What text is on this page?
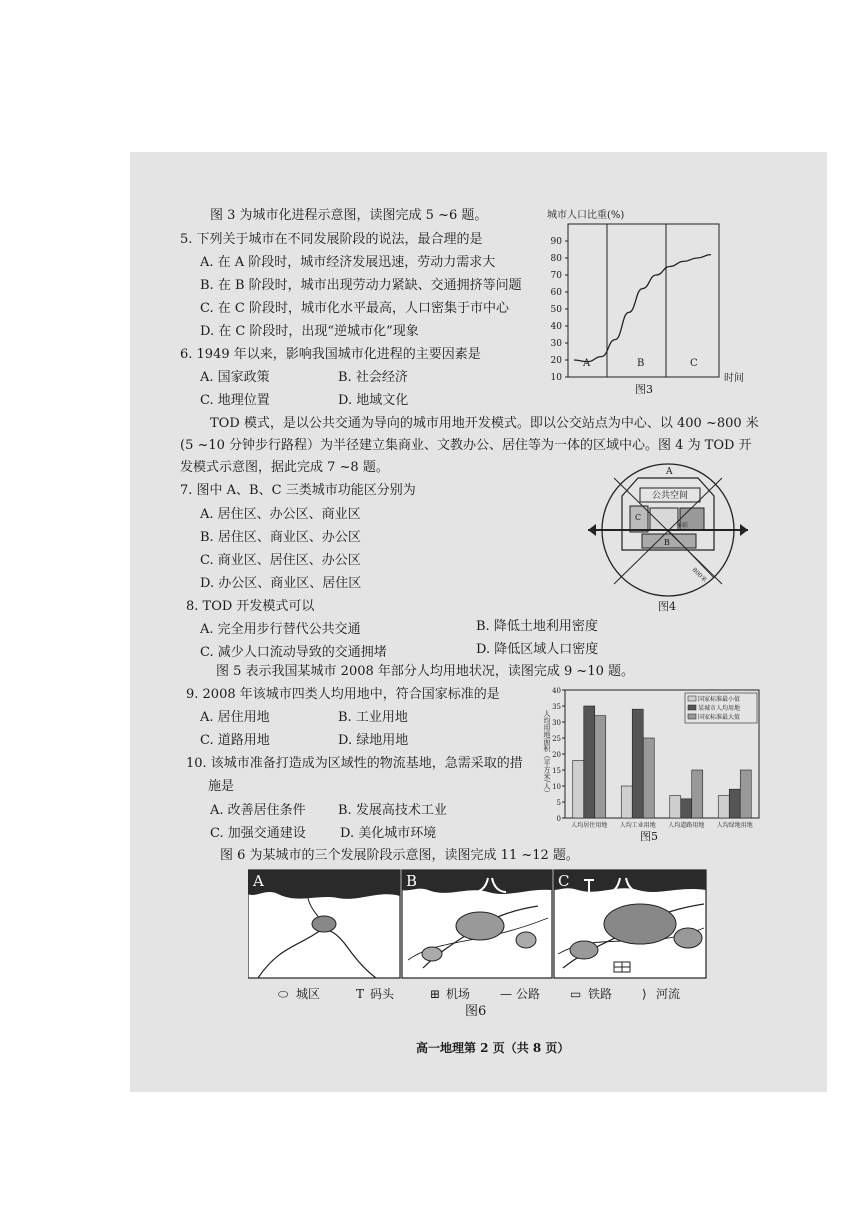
图 3 为城市化进程示意图，读图完成 5 ~6 题。
5. 下列关于城市在不同发展阶段的说法，最合理的是
A. 在 A 阶段时，城市经济发展迅速，劳动力需求大
B. 在 B 阶段时，城市出现劳动力紧缺、交通拥挤等问题
C. 在 C 阶段时，城市化水平最高，人口密集于市中心
D. 在 C 阶段时，出现“逆城市化”现象
6. 1949 年以来，影响我国城市化进程的主要因素是
A. 国家政策	B. 社会经济
C. 地理位置	D. 地域文化
城市人口比重(%)
10
20
30
40
50
60
70
80
90
A	B	C
时间
图3
TOD 模式，是以公共交通为导向的城市用地开发模式。即以公交站点为中心、以 400 ~800 米
(5 ~10 分钟步行路程）为半径建立集商业、文教办公、居住等为一体的区域中心。图 4 为 TOD 开
发模式示意图，据此完成 7 ~8 题。
7. 图中 A、B、C 三类城市功能区分别为
A. 居住区、办公区、商业区
B. 居住区、商业区、办公区
C. 商业区、居住区、办公区
D. 办公区、商业区、居住区
8. TOD 开发模式可以
A. 完全用步行替代公共交通	B. 降低土地利用密度
C. 减少人口流动导致的交通拥堵	D. 降低区域人口密度
A
公共空间
C
B
车站
800米
图4
图 5 表示我国某城市 2008 年部分人均用地状况，读图完成 9 ~10 题。
9. 2008 年该城市四类人均用地中，符合国家标准的是
A. 居住用地	B. 工业用地
C. 道路用地	D. 绿地用地
10. 该城市准备打造成为区域性的物流基地，急需采取的措
施是
A. 改善居住条件 B. 发展高技术工业
C. 加强交通建设	D. 美化城市环境
人均用地面积（平方米/人）
0
5
10
15
20
25
30
35
40
人均居住用地 人均工业用地 人均道路用地 人均绿地用地
国家标准最小值
某城市人均用地
国家标准最大值
图5
图 6 为某城市的三个发展阶段示意图，读图完成 11 ~12 题。
A	B	C
⬭ 城区	T 码头	⊞ 机场 — 公路 ▭ 铁路 ⟩ 河流
图6
高一地理第 2 页（共 8 页）
